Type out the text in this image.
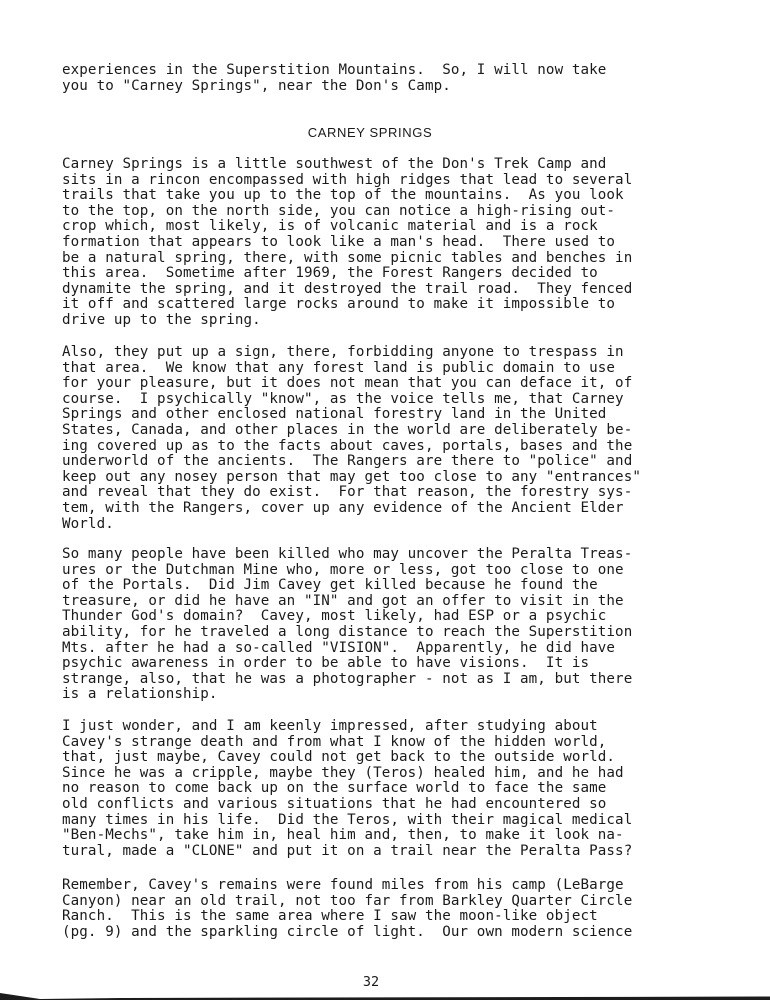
experiences in the Superstition Mountains.  So, I will now take
you to "Carney Springs", near the Don's Camp.
CARNEY SPRINGS
Carney Springs is a little southwest of the Don's Trek Camp and
sits in a rincon encompassed with high ridges that lead to several
trails that take you up to the top of the mountains.  As you look
to the top, on the north side, you can notice a high-rising out-
crop which, most likely, is of volcanic material and is a rock
formation that appears to look like a man's head.  There used to
be a natural spring, there, with some picnic tables and benches in
this area.  Sometime after 1969, the Forest Rangers decided to
dynamite the spring, and it destroyed the trail road.  They fenced
it off and scattered large rocks around to make it impossible to
drive up to the spring.
Also, they put up a sign, there, forbidding anyone to trespass in
that area.  We know that any forest land is public domain to use
for your pleasure, but it does not mean that you can deface it, of
course.  I psychically "know", as the voice tells me, that Carney
Springs and other enclosed national forestry land in the United
States, Canada, and other places in the world are deliberately be-
ing covered up as to the facts about caves, portals, bases and the
underworld of the ancients.  The Rangers are there to "police" and
keep out any nosey person that may get too close to any "entrances"
and reveal that they do exist.  For that reason, the forestry sys-
tem, with the Rangers, cover up any evidence of the Ancient Elder
World.
So many people have been killed who may uncover the Peralta Treas-
ures or the Dutchman Mine who, more or less, got too close to one
of the Portals.  Did Jim Cavey get killed because he found the
treasure, or did he have an "IN" and got an offer to visit in the
Thunder God's domain?  Cavey, most likely, had ESP or a psychic
ability, for he traveled a long distance to reach the Superstition
Mts. after he had a so-called "VISION".  Apparently, he did have
psychic awareness in order to be able to have visions.  It is
strange, also, that he was a photographer - not as I am, but there
is a relationship.
I just wonder, and I am keenly impressed, after studying about
Cavey's strange death and from what I know of the hidden world,
that, just maybe, Cavey could not get back to the outside world.
Since he was a cripple, maybe they (Teros) healed him, and he had
no reason to come back up on the surface world to face the same
old conflicts and various situations that he had encountered so
many times in his life.  Did the Teros, with their magical medical
"Ben-Mechs", take him in, heal him and, then, to make it look na-
tural, made a "CLONE" and put it on a trail near the Peralta Pass?
Remember, Cavey's remains were found miles from his camp (LeBarge
Canyon) near an old trail, not too far from Barkley Quarter Circle
Ranch.  This is the same area where I saw the moon-like object
(pg. 9) and the sparkling circle of light.  Our own modern science
32
